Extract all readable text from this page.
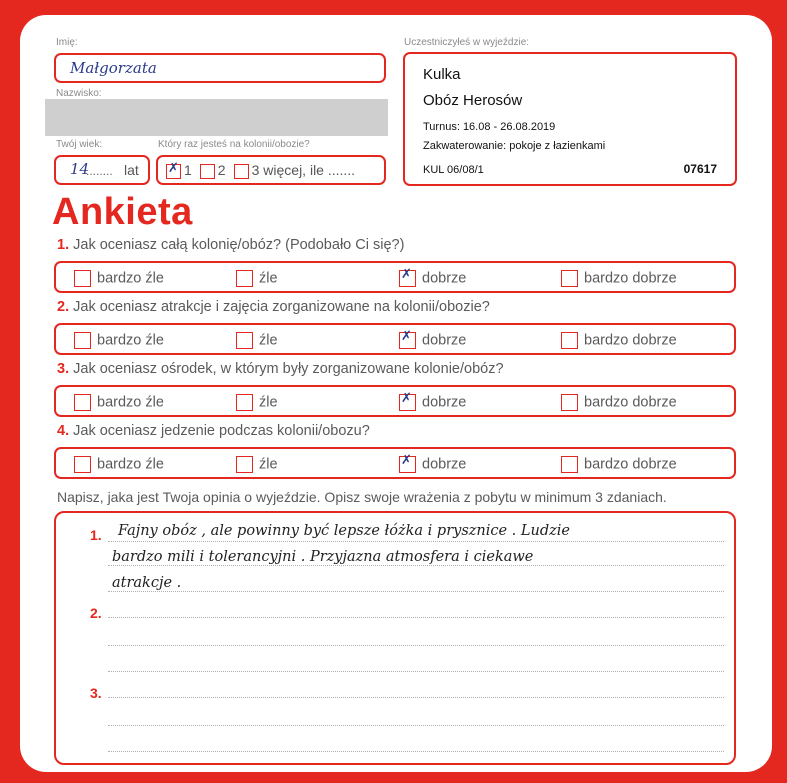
Imię:
Małgorzata
Nazwisko:
Twój wiek:
14
........ lat
Który raz jesteś na kolonii/obozie?
✗ 1 2 3 więcej, ile .......
Uczestniczyłeś w wyjeździe:
Kulka
Obóz Herosów
Turnus: 16.08 - 26.08.2019
Zakwaterowanie: pokoje z łazienkami
KUL 06/08/1	07617
Ankieta
1. Jak oceniasz całą kolonię/obóz? (Podobało Ci się?)
bardzo źle	źle	✗ dobrze	bardzo dobrze
2. Jak oceniasz atrakcje i zajęcia zorganizowane na kolonii/obozie?
bardzo źle	źle	✗ dobrze	bardzo dobrze
3. Jak oceniasz ośrodek, w którym były zorganizowane kolonie/obóz?
bardzo źle	źle	✗ dobrze	bardzo dobrze
4. Jak oceniasz jedzenie podczas kolonii/obozu?
bardzo źle	źle	✗ dobrze	bardzo dobrze
Napisz, jaka jest Twoja opinia o wyjeździe. Opisz swoje wrażenia z pobytu w minimum 3 zdaniach.
1.
2.
3.
Fajny obóz , ale powinny być lepsze łóżka i prysznice . Ludzie
bardzo mili i tolerancyjni . Przyjazna atmosfera i ciekawe
atrakcje .
